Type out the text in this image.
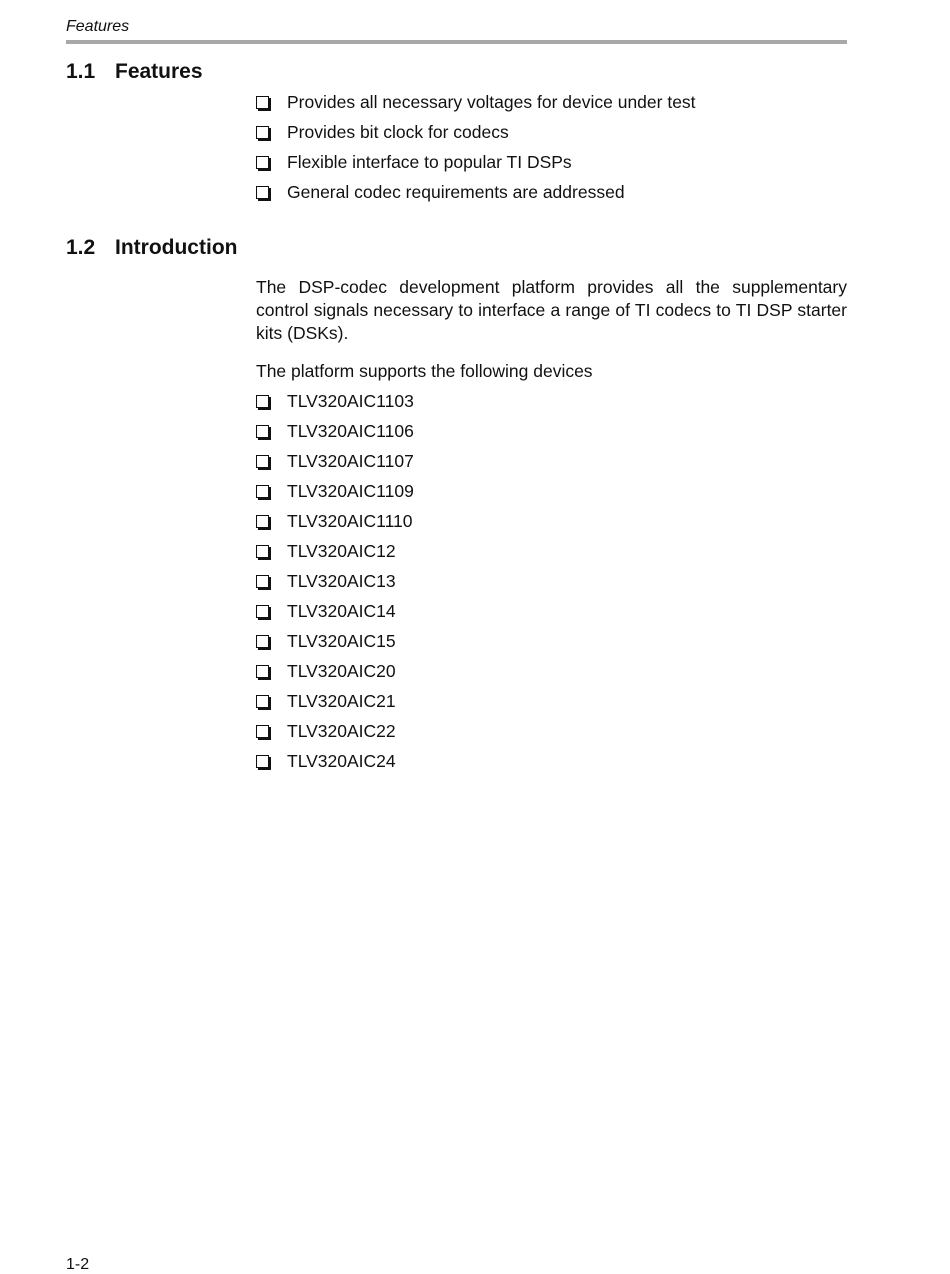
Features
1.1 Features
Provides all necessary voltages for device under test
Provides bit clock for codecs
Flexible interface to popular TI DSPs
General codec requirements are addressed
1.2 Introduction

The DSP-codec development platform provides all the supplementary control signals necessary to interface a range of TI codecs to TI DSP starter kits (DSKs).

The platform supports the following devices

TLV320AIC1103
TLV320AIC1106
TLV320AIC1107
TLV320AIC1109
TLV320AIC1110
TLV320AIC12
TLV320AIC13
TLV320AIC14
TLV320AIC15
TLV320AIC20
TLV320AIC21
TLV320AIC22
TLV320AIC24
1-2
